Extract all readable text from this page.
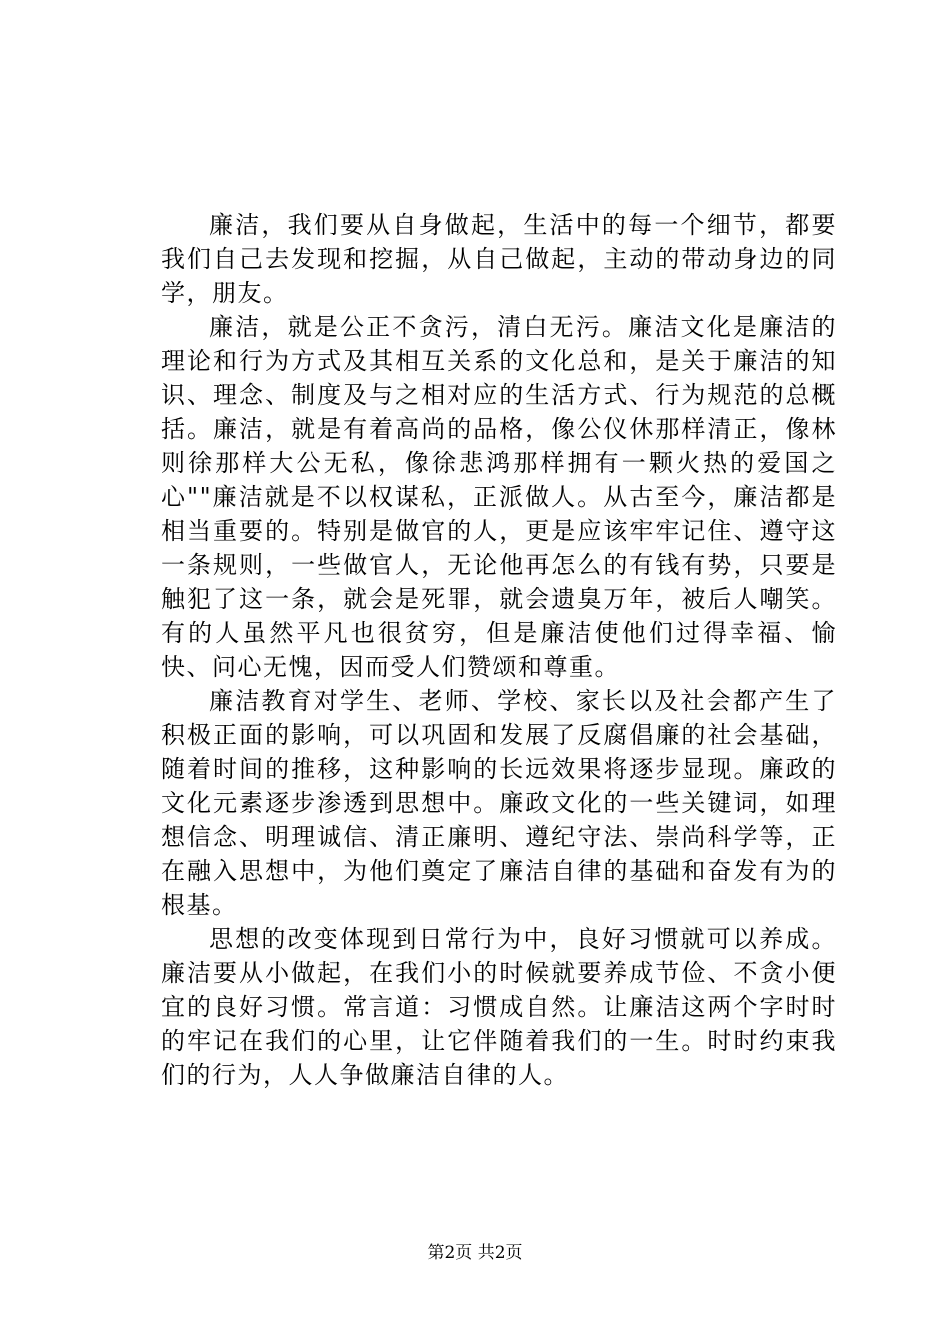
廉洁，我们要从自身做起，生活中的每一个细节，都要我们自己去发现和挖掘，从自己做起，主动的带动身边的同学，朋友。

廉洁，就是公正不贪污，清白无污。廉洁文化是廉洁的理论和行为方式及其相互关系的文化总和，是关于廉洁的知识、理念、制度及与之相对应的生活方式、行为规范的总概括。廉洁，就是有着高尚的品格，像公仪休那样清正，像林则徐那样大公无私，像徐悲鸿那样拥有一颗火热的爱国之心""廉洁就是不以权谋私，正派做人。从古至今，廉洁都是相当重要的。特别是做官的人，更是应该牢牢记住、遵守这一条规则，一些做官人，无论他再怎么的有钱有势，只要是触犯了这一条，就会是死罪，就会遗臭万年，被后人嘲笑。有的人虽然平凡也很贫穷，但是廉洁使他们过得幸福、愉快、问心无愧，因而受人们赞颂和尊重。

廉洁教育对学生、老师、学校、家长以及社会都产生了积极正面的影响，可以巩固和发展了反腐倡廉的社会基础，随着时间的推移，这种影响的长远效果将逐步显现。廉政的文化元素逐步渗透到思想中。廉政文化的一些关键词，如理想信念、明理诚信、清正廉明、遵纪守法、崇尚科学等，正在融入思想中，为他们奠定了廉洁自律的基础和奋发有为的根基。

思想的改变体现到日常行为中，良好习惯就可以养成。廉洁要从小做起，在我们小的时候就要养成节俭、不贪小便宜的良好习惯。常言道：习惯成自然。让廉洁这两个字时时的牢记在我们的心里，让它伴随着我们的一生。时时约束我们的行为，人人争做廉洁自律的人。

第2页 共2页
